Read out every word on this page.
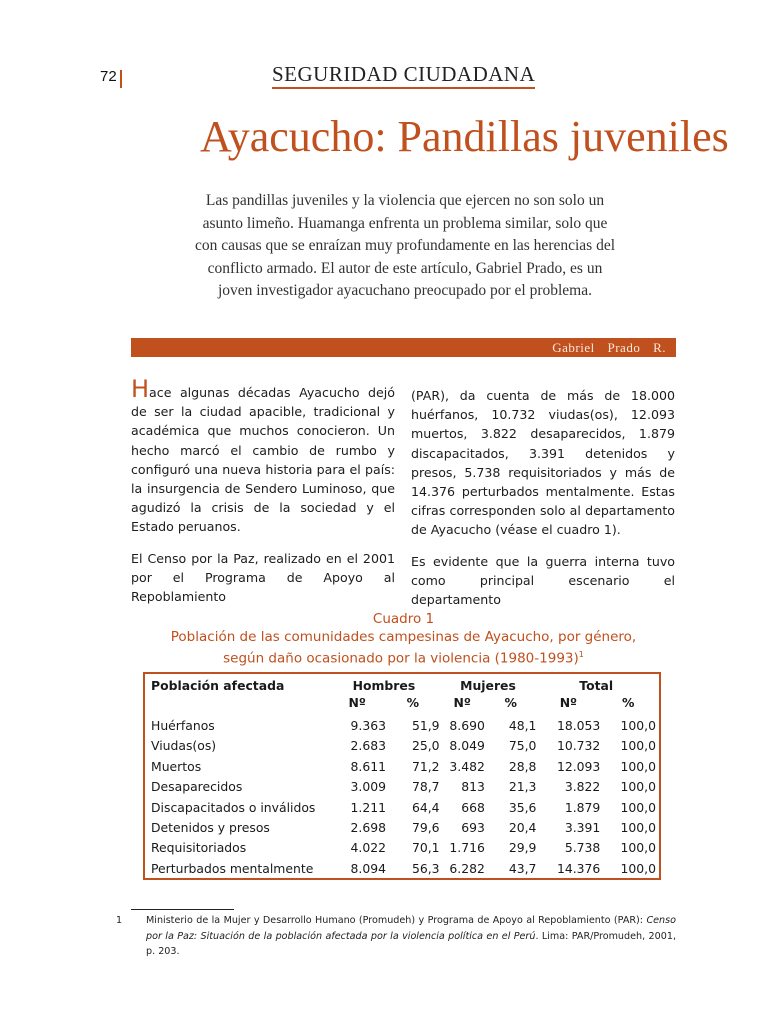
72	SEGURIDAD CIUDADANA
Ayacucho: Pandillas juveniles
Las pandillas juveniles y la violencia que ejercen no son solo un asunto limeño. Huamanga enfrenta un problema similar, solo que con causas que se enraízan muy profundamente en las herencias del conflicto armado. El autor de este artículo, Gabriel Prado, es un joven investigador ayacuchano preocupado por el problema.
Gabriel Prado R.

Hace algunas décadas Ayacucho dejó de ser la ciudad apacible, tradicional y académica que muchos conocieron. Un hecho marcó el cambio de rumbo y configuró una nueva historia para el país: la insurgencia de Sendero Luminoso, que agudizó la crisis de la sociedad y el Estado peruanos.

El Censo por la Paz, realizado en el 2001 por el Programa de Apoyo al Repoblamiento

(PAR), da cuenta de más de 18.000 huérfanos, 10.732 viudas(os), 12.093 muertos, 3.822 desaparecidos, 1.879 discapacitados, 3.391 detenidos y presos, 5.738 requisitoriados y más de 14.376 perturbados mentalmente. Estas cifras corresponden solo al departamento de Ayacucho (véase el cuadro 1).

Es evidente que la guerra interna tuvo como principal escenario el departamento

Cuadro 1
Población de las comunidades campesinas de Ayacucho, por género,
según daño ocasionado por la violencia (1980-1993)$^1$
Población afectada	Hombres		Mujeres		Total	
	Nº	%	Nº	%	Nº	%
Huérfanos	9.363	51,9	8.690	48,1	18.053	100,0
Viudas(os)	2.683	25,0	8.049	75,0	10.732	100,0
Muertos	8.611	71,2	3.482	28,8	12.093	100,0
Desaparecidos	3.009	78,7	813	21,3	3.822	100,0
Discapacitados o inválidos	1.211	64,4	668	35,6	1.879	100,0
Detenidos y presos	2.698	79,6	693	20,4	3.391	100,0
Requisitoriados	4.022	70,1	1.716	29,9	5.738	100,0
Perturbados mentalmente	8.094	56,3	6.282	43,7	14.376	100,0
1 Ministerio de la Mujer y Desarrollo Humano (Promudeh) y Programa de Apoyo al Repoblamiento (PAR): Censo por la Paz: Situación de la población afectada por la violencia política en el Perú. Lima: PAR/Promudeh, 2001, p. 203.
